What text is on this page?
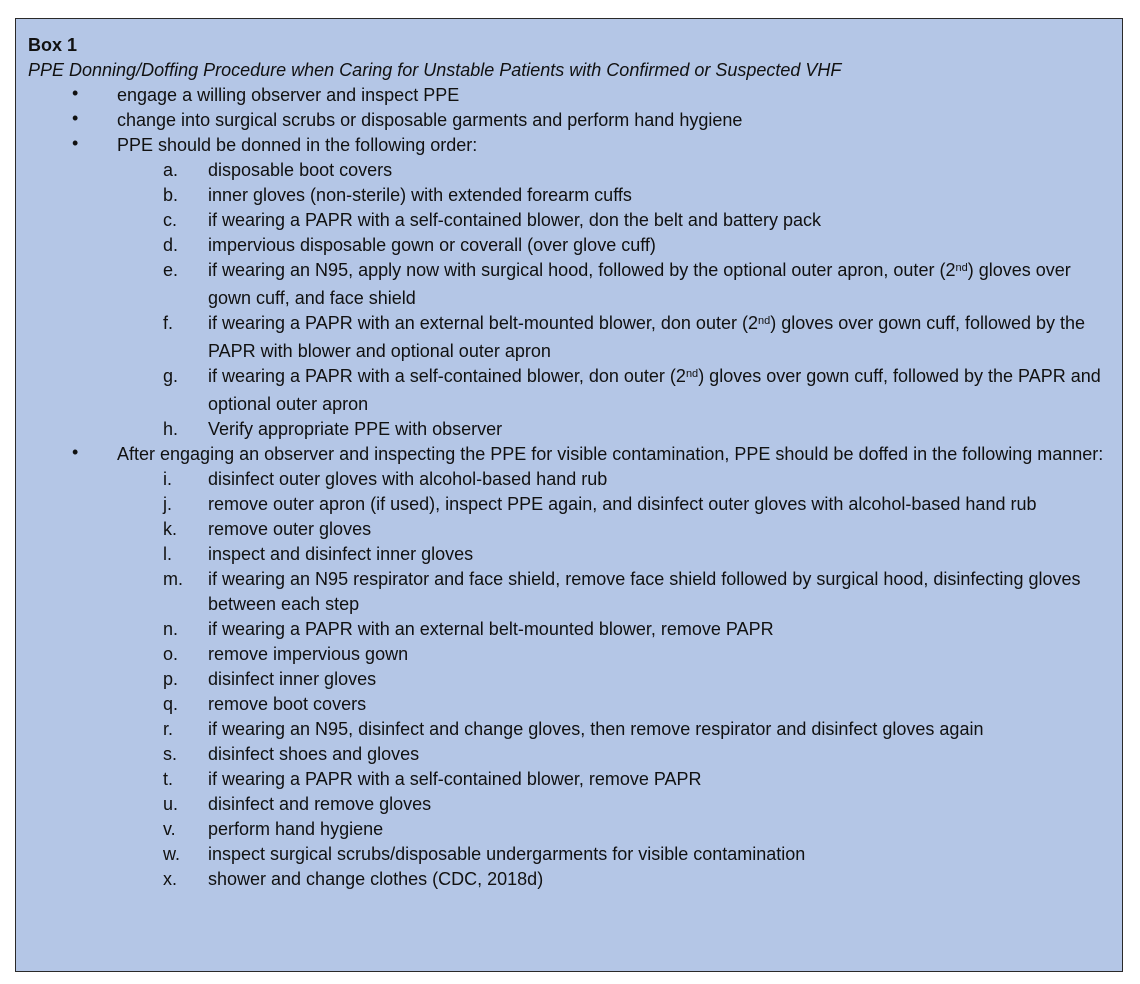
Box 1
PPE Donning/Doffing Procedure when Caring for Unstable Patients with Confirmed or Suspected VHF
• engage a willing observer and inspect PPE
• change into surgical scrubs or disposable garments and perform hand hygiene
• PPE should be donned in the following order:
a. disposable boot covers
b. inner gloves (non-sterile) with extended forearm cuffs
c. if wearing a PAPR with a self-contained blower, don the belt and battery pack
d. impervious disposable gown or coverall (over glove cuff)
e. if wearing an N95, apply now with surgical hood, followed by the optional outer apron, outer (2nd) gloves over gown cuff, and face shield
f. if wearing a PAPR with an external belt-mounted blower, don outer (2nd) gloves over gown cuff, followed by the PAPR with blower and optional outer apron
g. if wearing a PAPR with a self-contained blower, don outer (2nd) gloves over gown cuff, followed by the PAPR and optional outer apron
h. Verify appropriate PPE with observer
• After engaging an observer and inspecting the PPE for visible contamination, PPE should be doffed in the following manner:
i. disinfect outer gloves with alcohol-based hand rub
j. remove outer apron (if used), inspect PPE again, and disinfect outer gloves with alcohol-based hand rub
k. remove outer gloves
l. inspect and disinfect inner gloves
m. if wearing an N95 respirator and face shield, remove face shield followed by surgical hood, disinfecting gloves between each step
n. if wearing a PAPR with an external belt-mounted blower, remove PAPR
o. remove impervious gown
p. disinfect inner gloves
q. remove boot covers
r. if wearing an N95, disinfect and change gloves, then remove respirator and disinfect gloves again
s. disinfect shoes and gloves
t. if wearing a PAPR with a self-contained blower, remove PAPR
u. disinfect and remove gloves
v. perform hand hygiene
w. inspect surgical scrubs/disposable undergarments for visible contamination
x. shower and change clothes (CDC, 2018d)
